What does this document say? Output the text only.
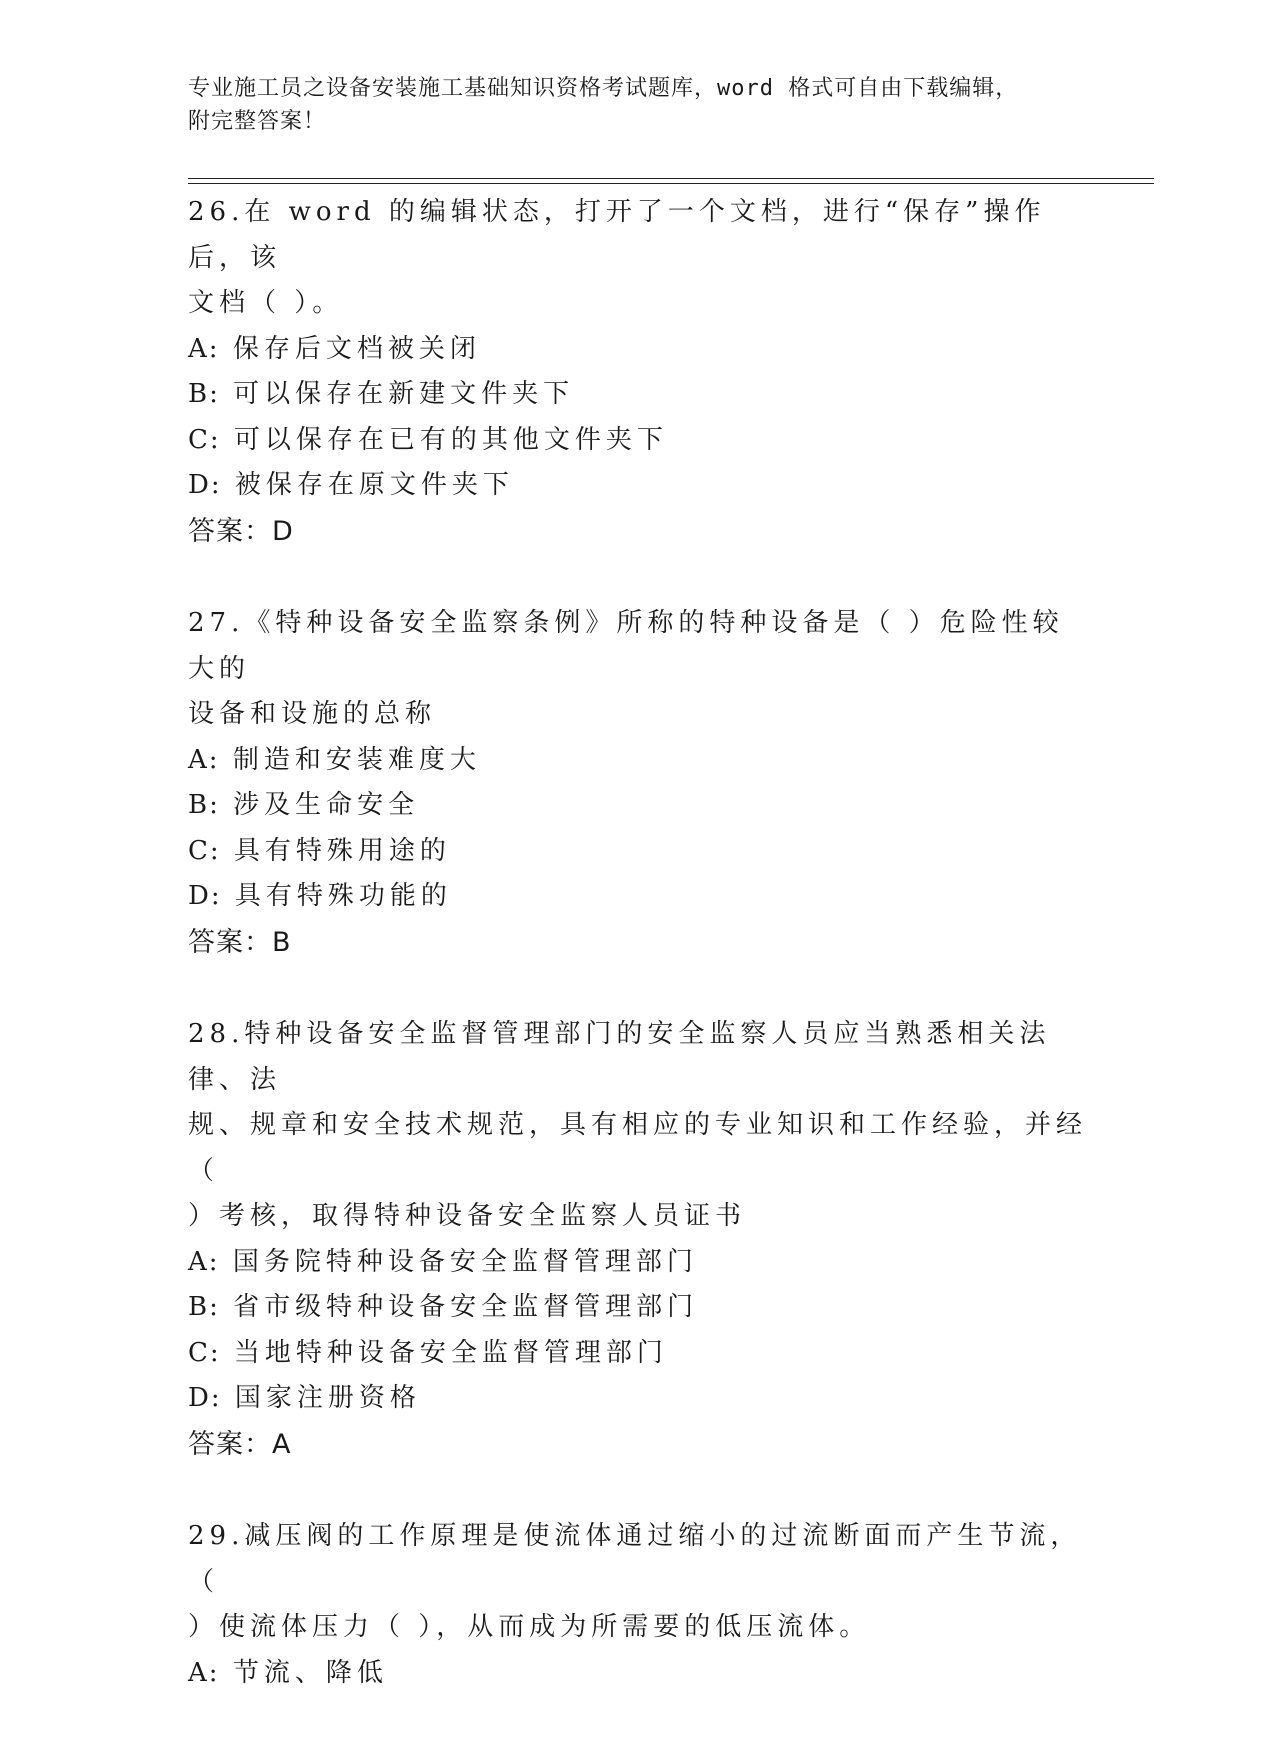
专业施工员之设备安装施工基础知识资格考试题库，word 格式可自由下载编辑，
附完整答案！
26.在 word 的编辑状态，打开了一个文档，进行“保存”操作后，该
文档（ ）。
A: 保存后文档被关闭
B: 可以保存在新建文件夹下
C: 可以保存在已有的其他文件夹下
D: 被保存在原文件夹下
答案：D
27.《特种设备安全监察条例》所称的特种设备是（ ）危险性较大的
设备和设施的总称
A: 制造和安装难度大
B: 涉及生命安全
C: 具有特殊用途的
D: 具有特殊功能的
答案：B
28.特种设备安全监督管理部门的安全监察人员应当熟悉相关法律、法
规、规章和安全技术规范，具有相应的专业知识和工作经验，并经（
）考核，取得特种设备安全监察人员证书
A: 国务院特种设备安全监督管理部门
B: 省市级特种设备安全监督管理部门
C: 当地特种设备安全监督管理部门
D: 国家注册资格
答案：A
29.减压阀的工作原理是使流体通过缩小的过流断面而产生节流，（
）使流体压力（ ），从而成为所需要的低压流体。
A: 节流、降低
